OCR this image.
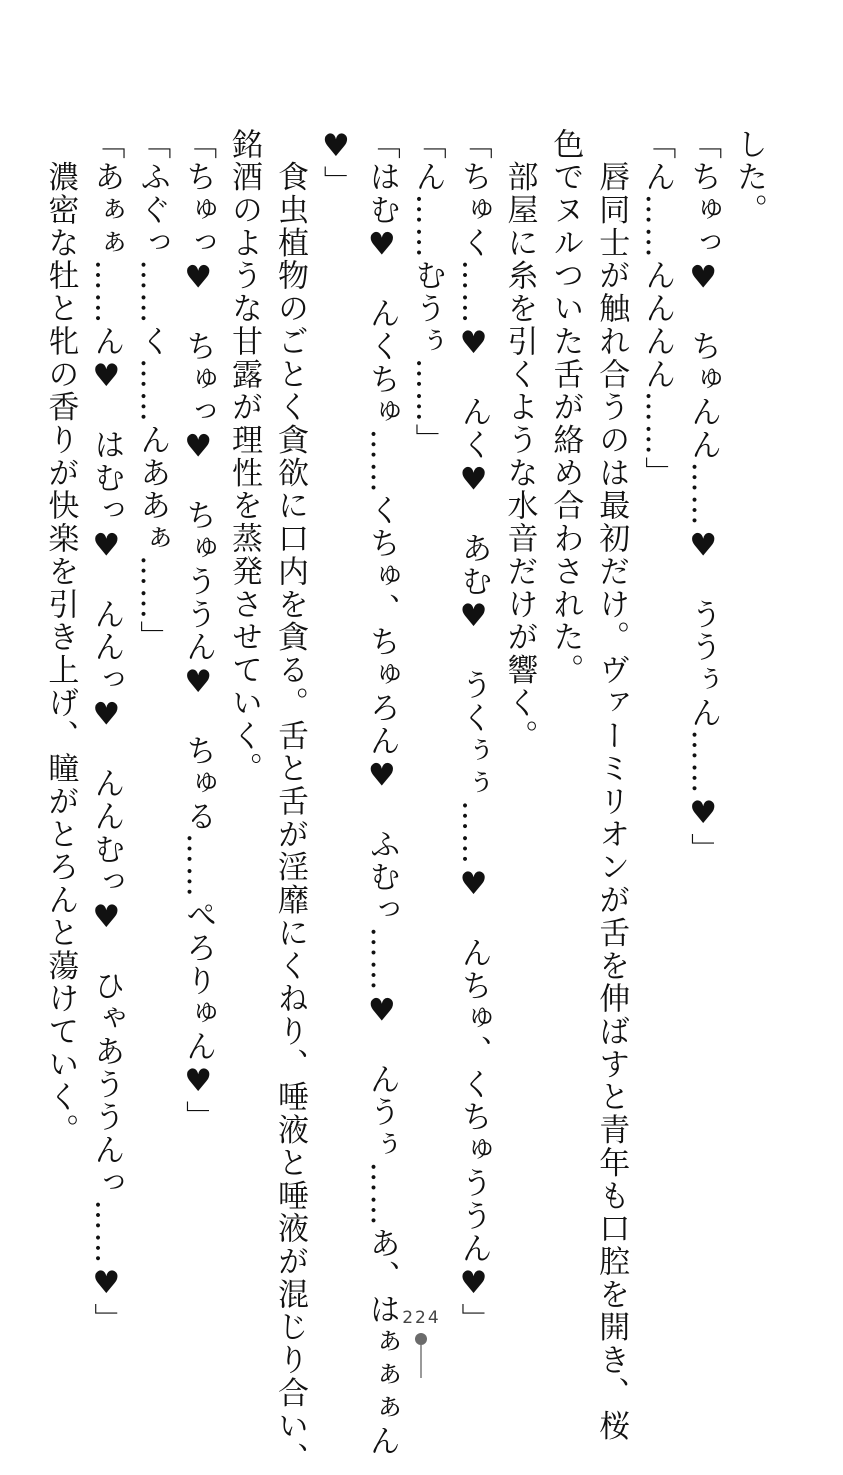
した。
「ちゅっ♥　ちゅんん……♥　ううぅん……♥」
「ん……んんんん……」
　唇同士が触れ合うのは最初だけ。ヴァーミリオンが舌を伸ばすと青年も口腔を開き、桜
色でヌルついた舌が絡め合わされた。
　部屋に糸を引くような水音だけが響く。
「ちゅく……♥　んく♥　あむ♥　うくぅぅ……♥　んちゅ、くちゅううん♥」
「ん……むうぅ……」
「はむ♥　んくちゅ……くちゅ、ちゅろん♥　ふむっ……♥　んうぅ……あ、はぁぁぁん
♥」
　食虫植物のごとく貪欲に口内を貪る。舌と舌が淫靡にくねり、唾液と唾液が混じり合い、
銘酒のような甘露が理性を蒸発させていく。
「ちゅっ♥　ちゅっ♥　ちゅううん♥　ちゅる……ぺろりゅん♥」
「ふぐっ……く……んああぁ……」
「あぁぁ……ん♥　はむっ♥　んんっ♥　んんむっ♥　ひゃあううんっ……♥」
　濃密な牡と牝の香りが快楽を引き上げ、瞳がとろんと蕩けていく。
224
